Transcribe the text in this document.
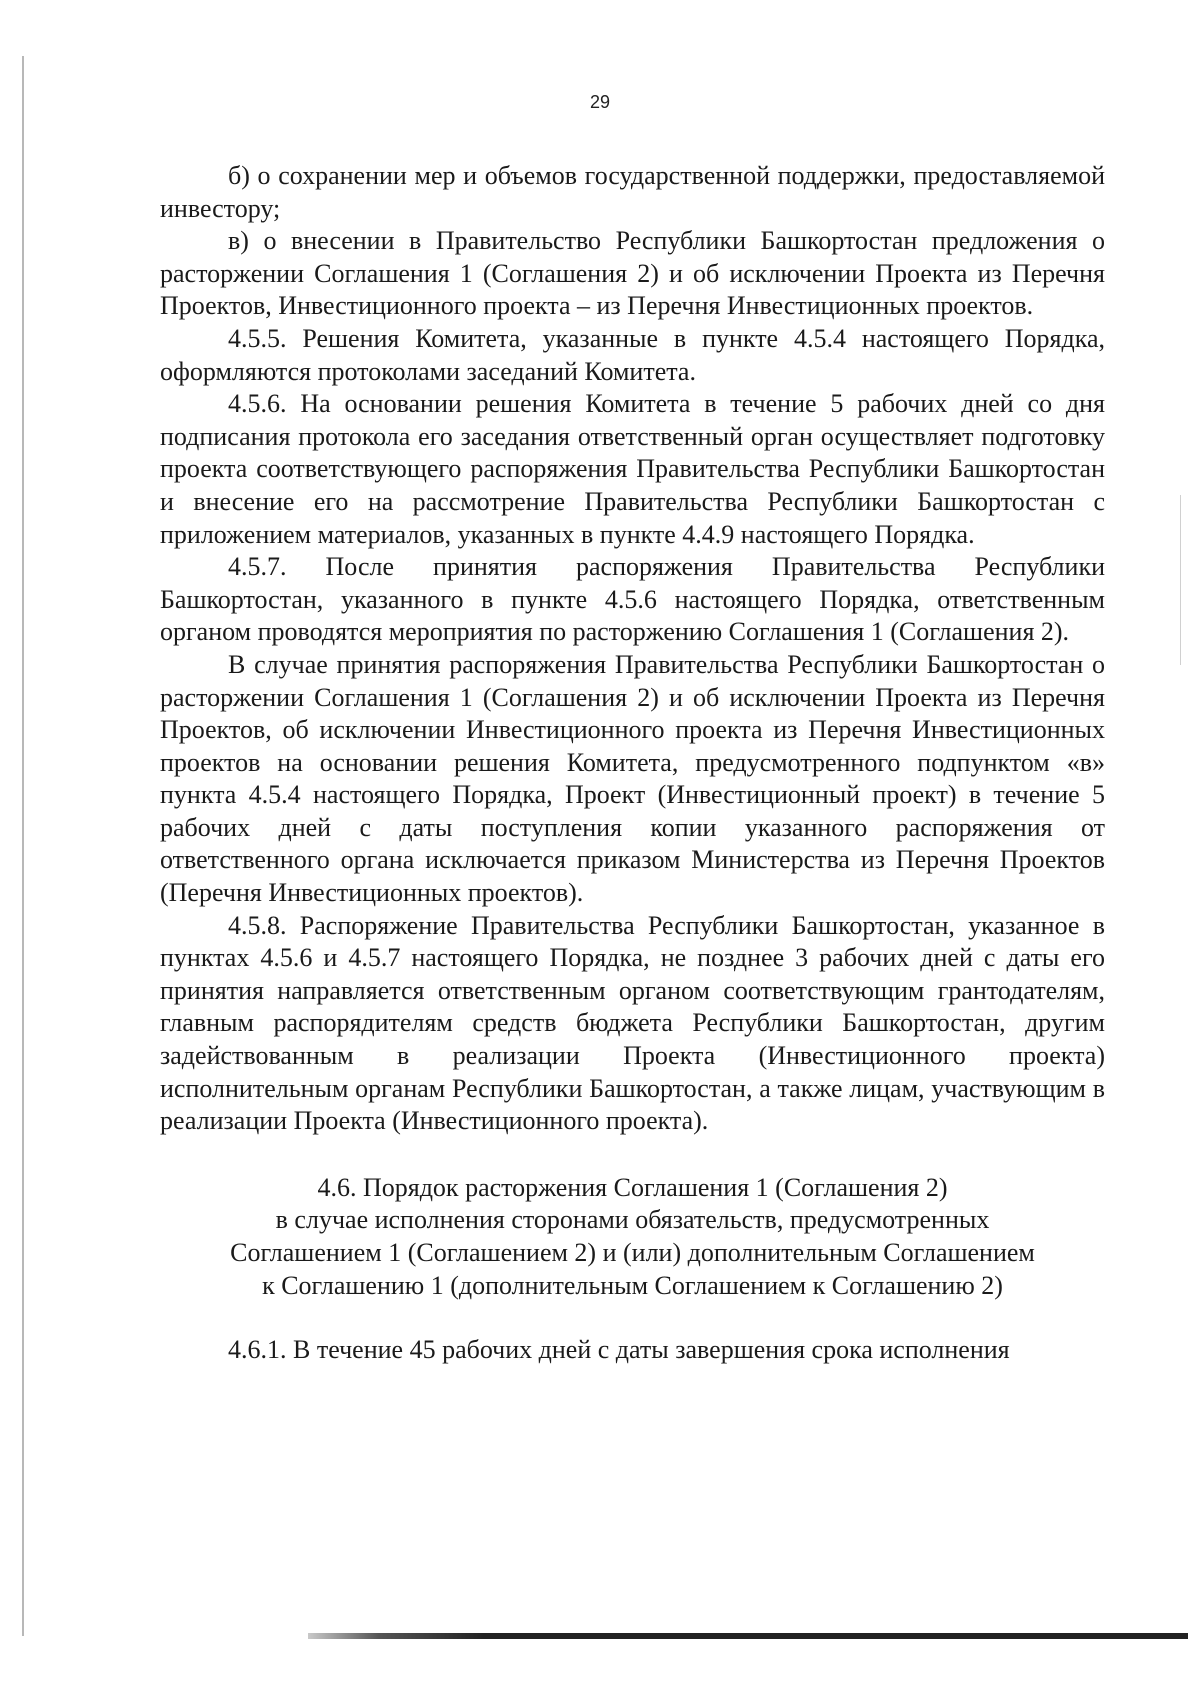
29

б) о сохранении мер и объемов государственной поддержки, предоставляемой инвестору;

в) о внесении в Правительство Республики Башкортостан предложения о расторжении Соглашения 1 (Соглашения 2) и об исключении Проекта из Перечня Проектов, Инвестиционного проекта – из Перечня Инвестиционных проектов.

4.5.5. Решения Комитета, указанные в пункте 4.5.4 настоящего Порядка, оформляются протоколами заседаний Комитета.

4.5.6. На основании решения Комитета в течение 5 рабочих дней со дня подписания протокола его заседания ответственный орган осуществляет подготовку проекта соответствующего распоряжения Правительства Республики Башкортостан и внесение его на рассмотрение Правительства Республики Башкортостан с приложением материалов, указанных в пункте 4.4.9 настоящего Порядка.

4.5.7. После принятия распоряжения Правительства Республики Башкортостан, указанного в пункте 4.5.6 настоящего Порядка, ответственным органом проводятся мероприятия по расторжению Соглашения 1 (Соглашения 2).

В случае принятия распоряжения Правительства Республики Башкортостан о расторжении Соглашения 1 (Соглашения 2) и об исключении Проекта из Перечня Проектов, об исключении Инвестиционного проекта из Перечня Инвестиционных проектов на основании решения Комитета, предусмотренного подпунктом «в» пункта 4.5.4 настоящего Порядка, Проект (Инвестиционный проект) в течение 5 рабочих дней с даты поступления копии указанного распоряжения от ответственного органа исключается приказом Министерства из Перечня Проектов (Перечня Инвестиционных проектов).

4.5.8. Распоряжение Правительства Республики Башкортостан, указанное в пунктах 4.5.6 и 4.5.7 настоящего Порядка, не позднее 3 рабочих дней с даты его принятия направляется ответственным органом соответствующим грантодателям, главным распорядителям средств бюджета Республики Башкортостан, другим задействованным в реализации Проекта (Инвестиционного проекта) исполнительным органам Республики Башкортостан, а также лицам, участвующим в реализации Проекта (Инвестиционного проекта).

4.6. Порядок расторжения Соглашения 1 (Соглашения 2)
в случае исполнения сторонами обязательств, предусмотренных
Соглашением 1 (Соглашением 2) и (или) дополнительным Соглашением
к Соглашению 1 (дополнительным Соглашением к Соглашению 2)

4.6.1. В течение 45 рабочих дней с даты завершения срока исполнения
